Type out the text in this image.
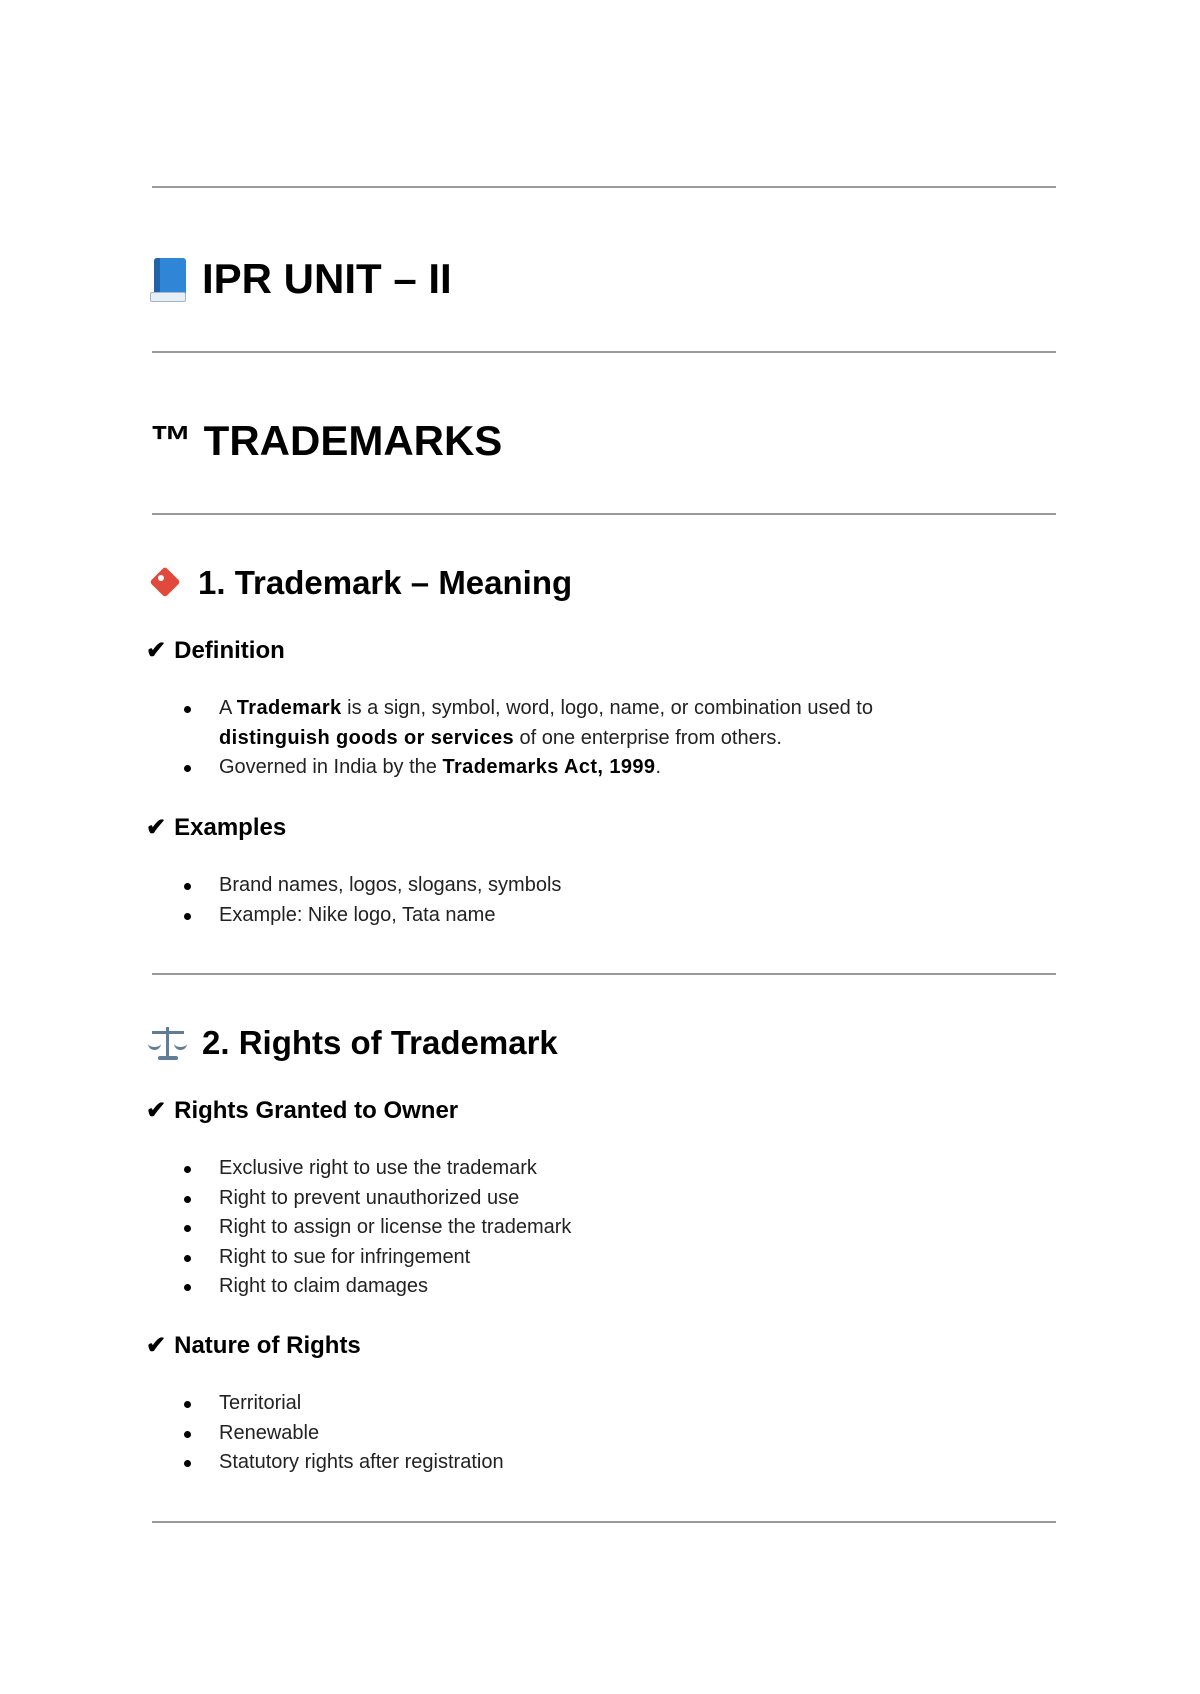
IPR UNIT – II
™ TRADEMARKS
1. Trademark – Meaning
✔ Definition
A Trademark is a sign, symbol, word, logo, name, or combination used to
distinguish goods or services of one enterprise from others.
Governed in India by the Trademarks Act, 1999.
✔ Examples
Brand names, logos, slogans, symbols
Example: Nike logo, Tata name
2. Rights of Trademark
✔ Rights Granted to Owner
Exclusive right to use the trademark
Right to prevent unauthorized use
Right to assign or license the trademark
Right to sue for infringement
Right to claim damages
✔ Nature of Rights
Territorial
Renewable
Statutory rights after registration
